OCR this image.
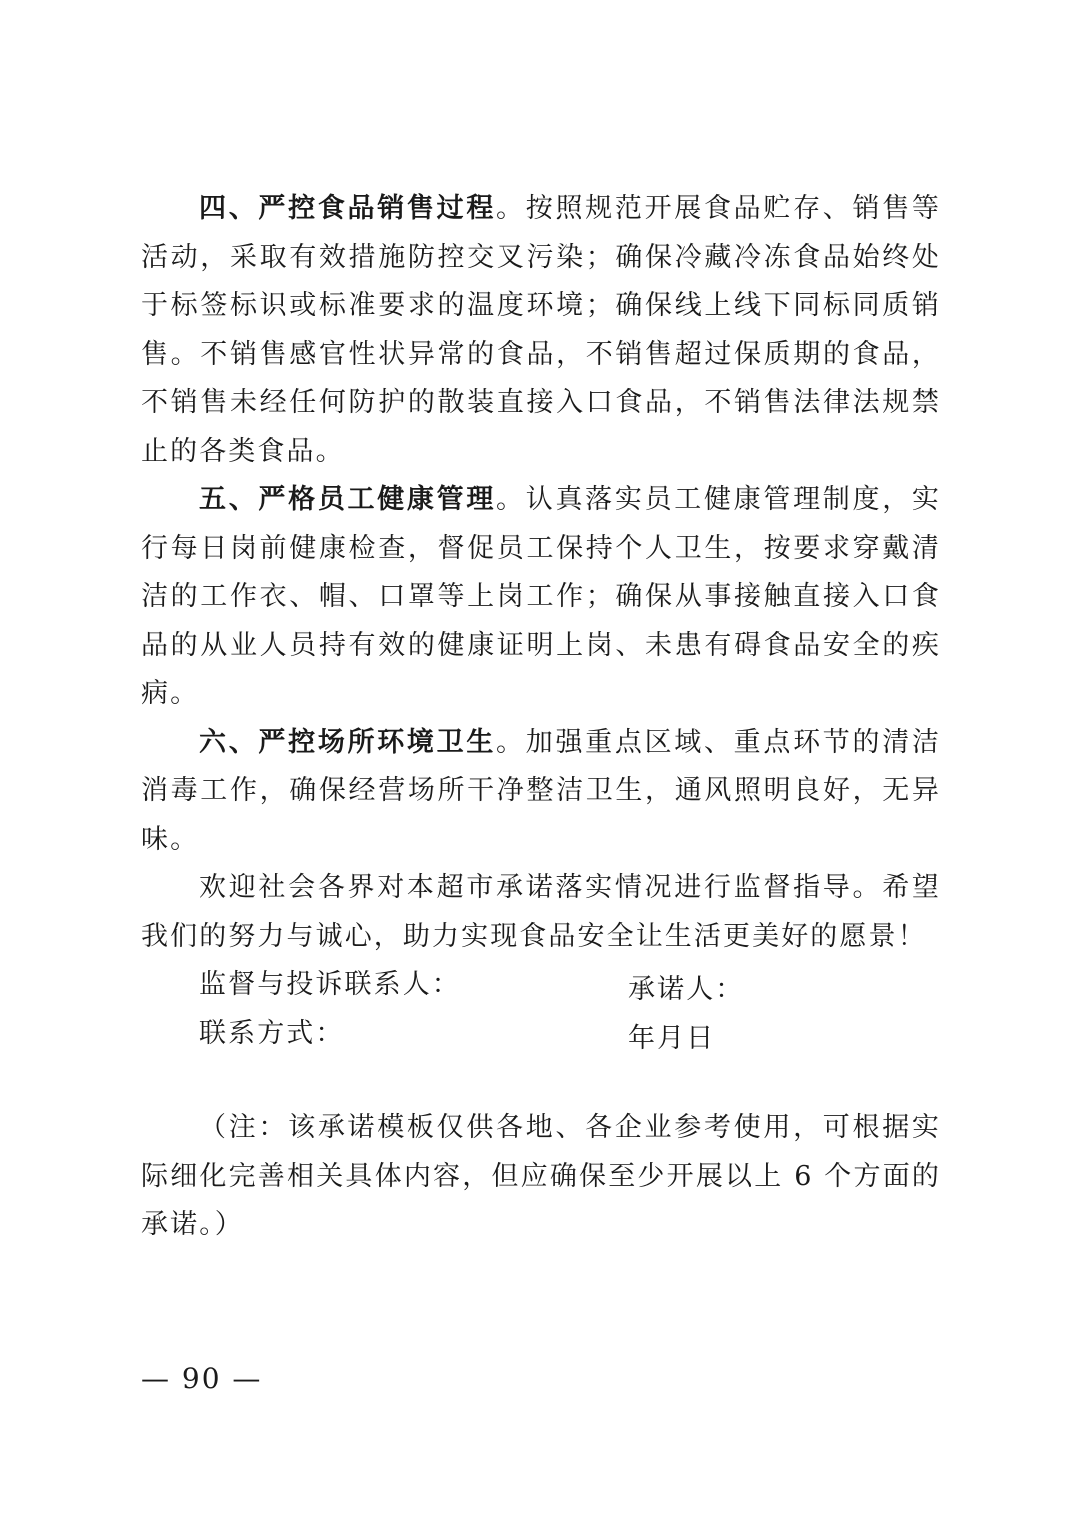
四、严控食品销售过程。按照规范开展食品贮存、销售等活动，采取有效措施防控交叉污染；确保冷藏冷冻食品始终处于标签标识或标准要求的温度环境；确保线上线下同标同质销售。不销售感官性状异常的食品，不销售超过保质期的食品，不销售未经任何防护的散装直接入口食品，不销售法律法规禁止的各类食品。

五、严格员工健康管理。认真落实员工健康管理制度，实行每日岗前健康检查，督促员工保持个人卫生，按要求穿戴清洁的工作衣、帽、口罩等上岗工作；确保从事接触直接入口食品的从业人员持有效的健康证明上岗、未患有碍食品安全的疾病。

六、严控场所环境卫生。加强重点区域、重点环节的清洁消毒工作，确保经营场所干净整洁卫生，通风照明良好，无异味。

欢迎社会各界对本超市承诺落实情况进行监督指导。希望我们的努力与诚心，助力实现食品安全让生活更美好的愿景！

监督与投诉联系人：

联系方式：

承诺人：

年月日

（注：该承诺模板仅供各地、各企业参考使用，可根据实际细化完善相关具体内容，但应确保至少开展以上 6 个方面的承诺。）

— 90 —
